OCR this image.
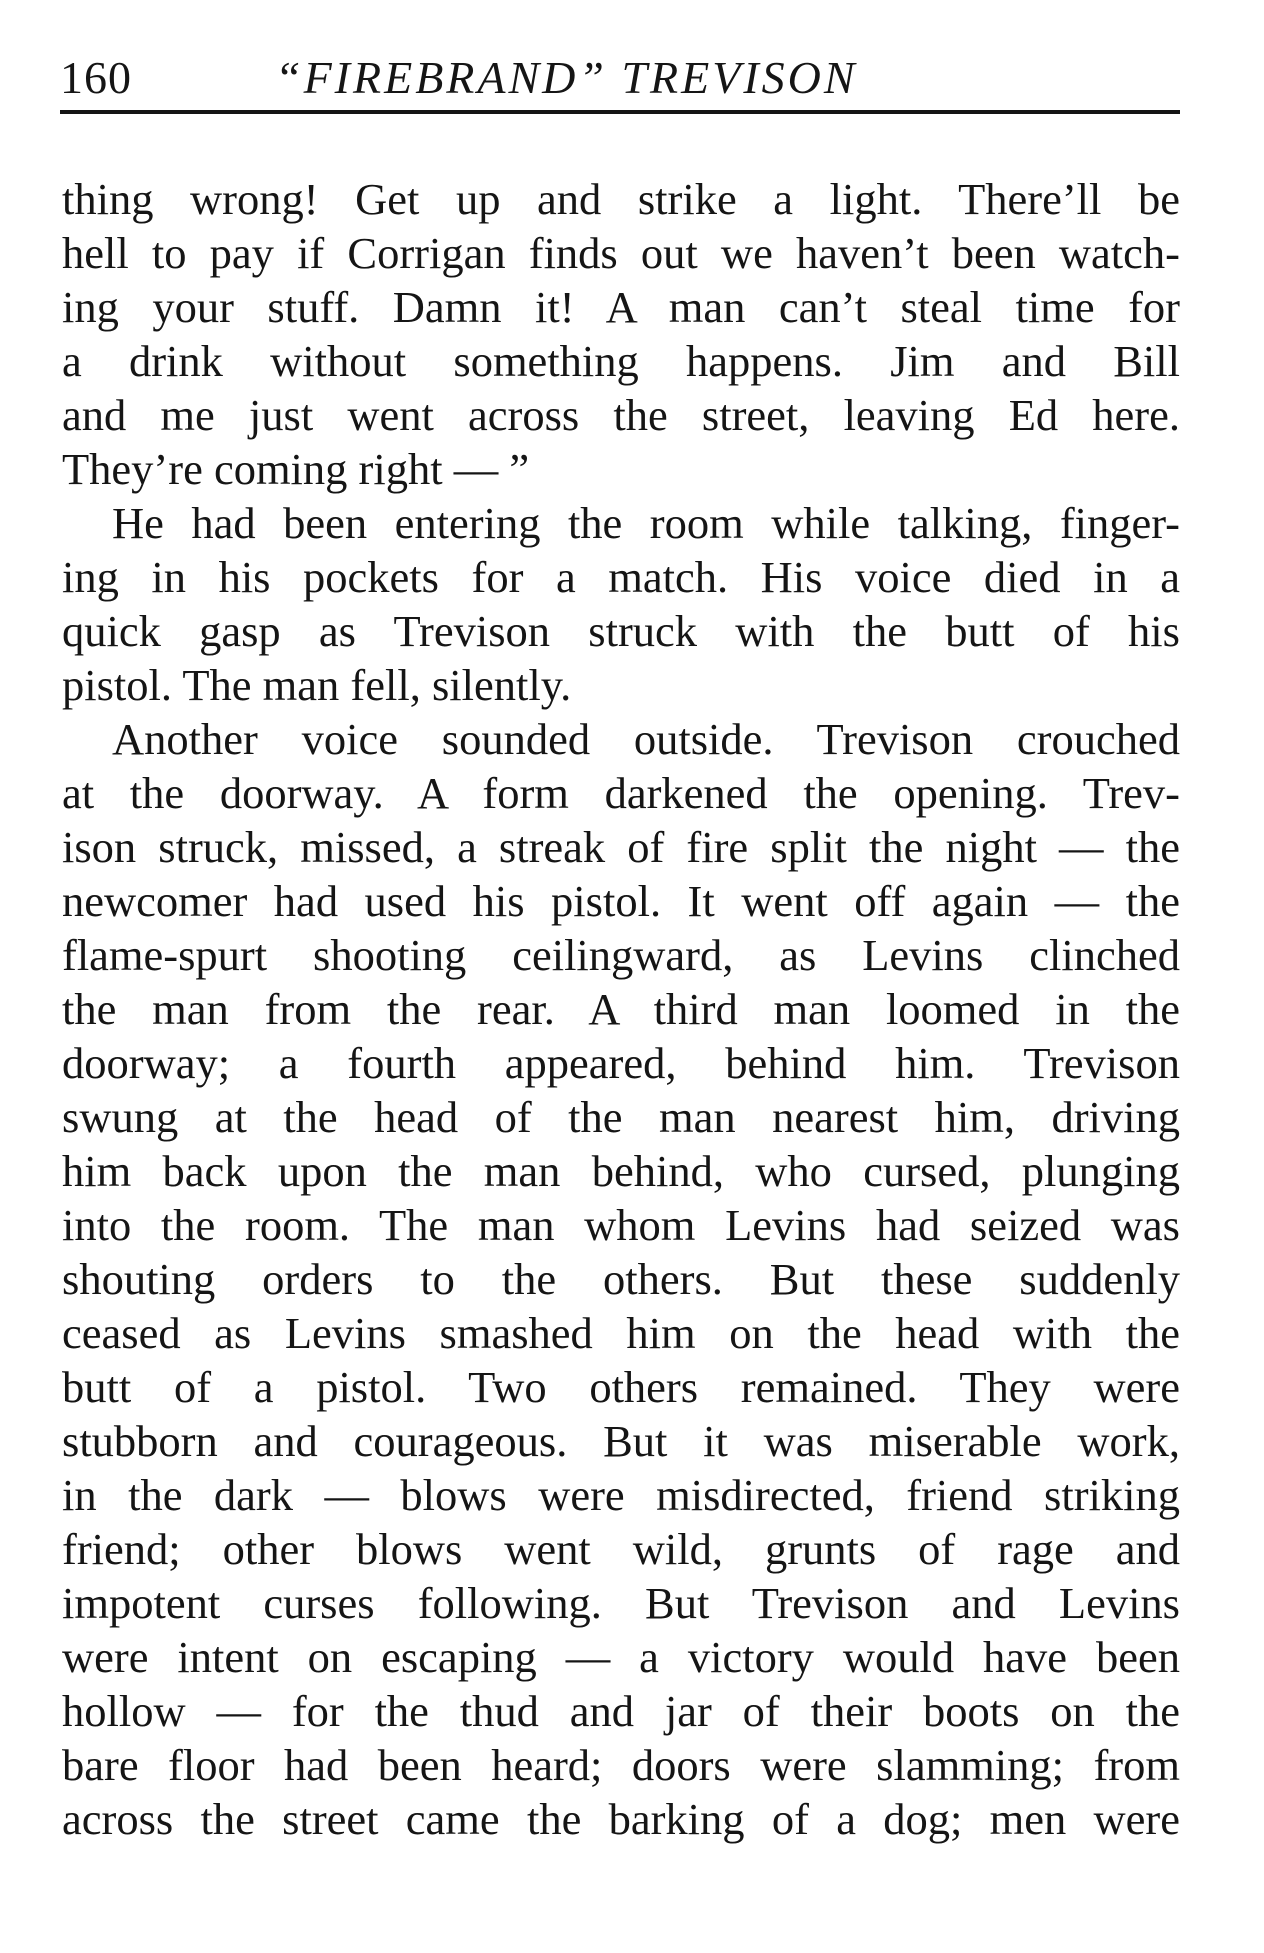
160	“FIREBRAND” TREVISON
thing wrong! Get up and strike a light. There’ll be
hell to pay if Corrigan finds out we haven’t been watch-
ing your stuff. Damn it! A man can’t steal time for
a drink without something happens. Jim and Bill
and me just went across the street, leaving Ed here.
They’re coming right — ”
He had been entering the room while talking, finger-
ing in his pockets for a match. His voice died in a
quick gasp as Trevison struck with the butt of his
pistol. The man fell, silently.
Another voice sounded outside. Trevison crouched
at the doorway. A form darkened the opening. Trev-
ison struck, missed, a streak of fire split the night — the
newcomer had used his pistol. It went off again — the
flame-spurt shooting ceilingward, as Levins clinched
the man from the rear. A third man loomed in the
doorway; a fourth appeared, behind him. Trevison
swung at the head of the man nearest him, driving
him back upon the man behind, who cursed, plunging
into the room. The man whom Levins had seized was
shouting orders to the others. But these suddenly
ceased as Levins smashed him on the head with the
butt of a pistol. Two others remained. They were
stubborn and courageous. But it was miserable work,
in the dark — blows were misdirected, friend striking
friend; other blows went wild, grunts of rage and
impotent curses following. But Trevison and Levins
were intent on escaping — a victory would have been
hollow — for the thud and jar of their boots on the
bare floor had been heard; doors were slamming; from
across the street came the barking of a dog; men were
